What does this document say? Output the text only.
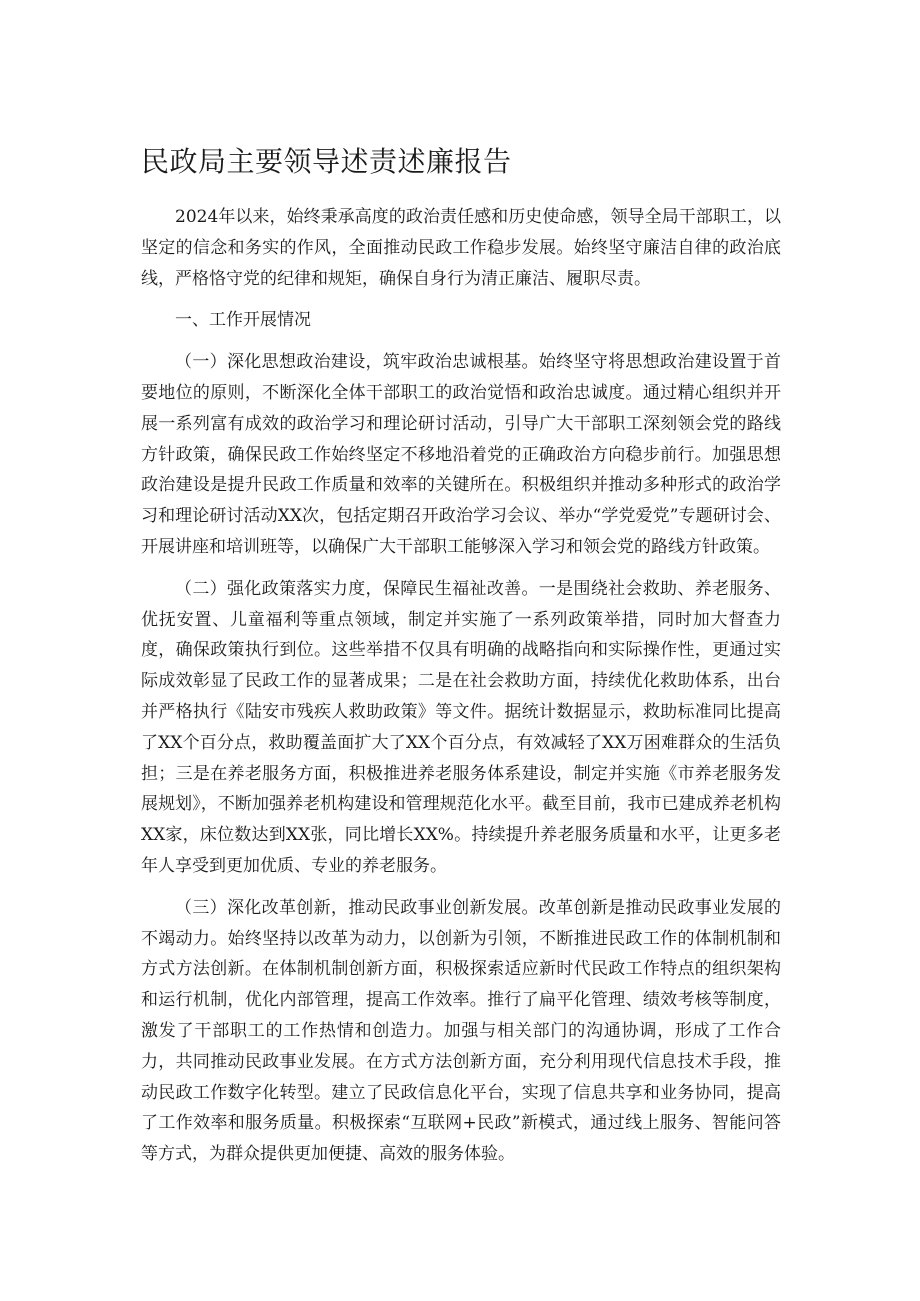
民政局主要领导述责述廉报告

2024年以来，始终秉承高度的政治责任感和历史使命感，领导全局干部职工，以坚定的信念和务实的作风，全面推动民政工作稳步发展。始终坚守廉洁自律的政治底线，严格恪守党的纪律和规矩，确保自身行为清正廉洁、履职尽责。

一、工作开展情况

（一）深化思想政治建设，筑牢政治忠诚根基。始终坚守将思想政治建设置于首要地位的原则，不断深化全体干部职工的政治觉悟和政治忠诚度。通过精心组织并开展一系列富有成效的政治学习和理论研讨活动，引导广大干部职工深刻领会党的路线方针政策，确保民政工作始终坚定不移地沿着党的正确政治方向稳步前行。加强思想政治建设是提升民政工作质量和效率的关键所在。积极组织并推动多种形式的政治学习和理论研讨活动XX次，包括定期召开政治学习会议、举办“学党爱党”专题研讨会、开展讲座和培训班等，以确保广大干部职工能够深入学习和领会党的路线方针政策。

（二）强化政策落实力度，保障民生福祉改善。一是围绕社会救助、养老服务、优抚安置、儿童福利等重点领域，制定并实施了一系列政策举措，同时加大督查力度，确保政策执行到位。这些举措不仅具有明确的战略指向和实际操作性，更通过实际成效彰显了民政工作的显著成果；二是在社会救助方面，持续优化救助体系，出台并严格执行《陆安市残疾人救助政策》等文件。据统计数据显示，救助标准同比提高了XX个百分点，救助覆盖面扩大了XX个百分点，有效减轻了XX万困难群众的生活负担；三是在养老服务方面，积极推进养老服务体系建设，制定并实施《市养老服务发展规划》，不断加强养老机构建设和管理规范化水平。截至目前，我市已建成养老机构XX家，床位数达到XX张，同比增长XX%。持续提升养老服务质量和水平，让更多老年人享受到更加优质、专业的养老服务。

（三）深化改革创新，推动民政事业创新发展。改革创新是推动民政事业发展的不竭动力。始终坚持以改革为动力，以创新为引领，不断推进民政工作的体制机制和方式方法创新。在体制机制创新方面，积极探索适应新时代民政工作特点的组织架构和运行机制，优化内部管理，提高工作效率。推行了扁平化管理、绩效考核等制度，激发了干部职工的工作热情和创造力。加强与相关部门的沟通协调，形成了工作合力，共同推动民政事业发展。在方式方法创新方面，充分利用现代信息技术手段，推动民政工作数字化转型。建立了民政信息化平台，实现了信息共享和业务协同，提高了工作效率和服务质量。积极探索“互联网+民政”新模式，通过线上服务、智能问答等方式，为群众提供更加便捷、高效的服务体验。
